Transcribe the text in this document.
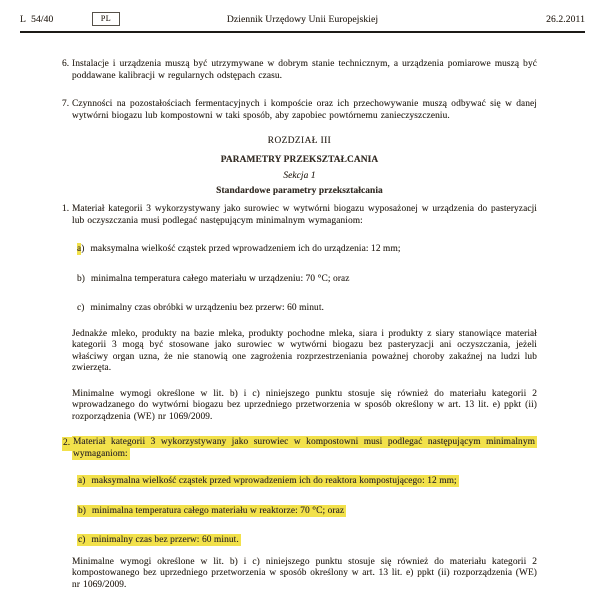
L 54/40	PL	Dziennik Urzędowy Unii Europejskiej	26.2.2011
6. Instalacje i urządzenia muszą być utrzymywane w dobrym stanie technicznym, a urządzenia pomiarowe muszą być poddawane kalibracji w regularnych odstępach czasu.
7. Czynności na pozostałościach fermentacyjnych i kompoście oraz ich przechowywanie muszą odbywać się w danej wytwórni biogazu lub kompostowni w taki sposób, aby zapobiec powtórnemu zanieczyszczeniu.
ROZDZIAŁ III
PARAMETRY PRZEKSZTAŁCANIA
Sekcja 1
Standardowe parametry przekształcania
1. Materiał kategorii 3 wykorzystywany jako surowiec w wytwórni biogazu wyposażonej w urządzenia do pasteryzacji lub oczyszczania musi podlegać następującym minimalnym wymaganiom:
a) maksymalna wielkość cząstek przed wprowadzeniem ich do urządzenia: 12 mm;
b) minimalna temperatura całego materiału w urządzeniu: 70 °C; oraz
c) minimalny czas obróbki w urządzeniu bez przerw: 60 minut.
Jednakże mleko, produkty na bazie mleka, produkty pochodne mleka, siara i produkty z siary stanowiące materiał kategorii 3 mogą być stosowane jako surowiec w wytwórni biogazu bez pasteryzacji ani oczyszczania, jeżeli właściwy organ uzna, że nie stanowią one zagrożenia rozprzestrzeniania poważnej choroby zakaźnej na ludzi lub zwierzęta.
Minimalne wymogi określone w lit. b) i c) niniejszego punktu stosuje się również do materiału kategorii 2 wprowadzanego do wytwórni biogazu bez uprzedniego przetworzenia w sposób określony w art. 13 lit. e) ppkt (ii) rozporządzenia (WE) nr 1069/2009.
2. Materiał kategorii 3 wykorzystywany jako surowiec w kompostowni musi podlegać następującym minimalnym wymaganiom:
a) maksymalna wielkość cząstek przed wprowadzeniem ich do reaktora kompostującego: 12 mm;
b) minimalna temperatura całego materiału w reaktorze: 70 °C; oraz
c) minimalny czas bez przerw: 60 minut.
Minimalne wymogi określone w lit. b) i c) niniejszego punktu stosuje się również do materiału kategorii 2 kompostowanego bez uprzedniego przetworzenia w sposób określony w art. 13 lit. e) ppkt (ii) rozporządzenia (WE) nr 1069/2009.
